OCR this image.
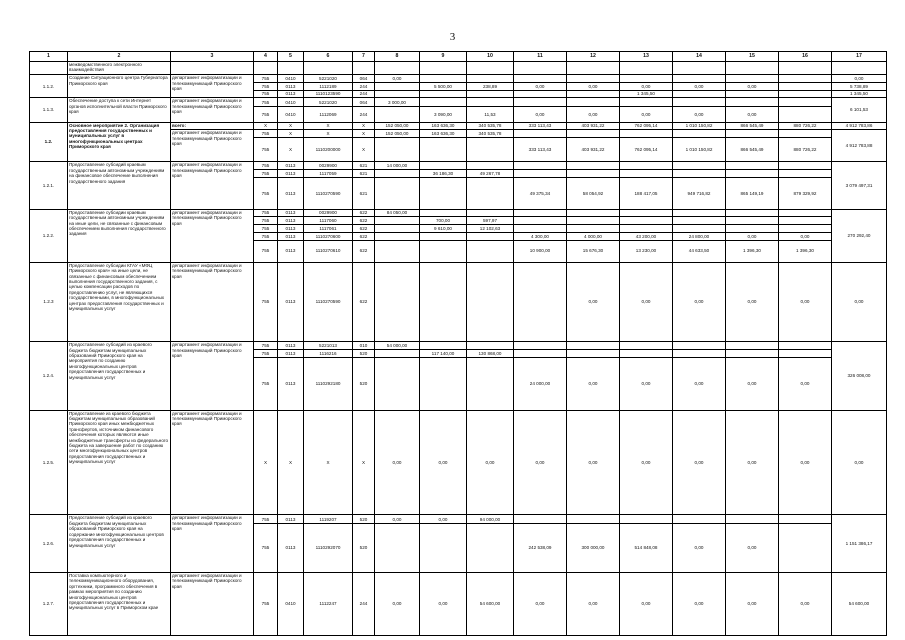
3
1	2	3	4	5	6	7	8	9	10	11	12	13	14	15	16	17
	межведомственного электронного взаимодействия															
1.1.2.	Создание Ситуационного центра Губернатора Приморского края	департамент информатизации и телекоммуникаций Приморского края	755	0410	5221020	064	0,00									0,00
			755	0113	1112189	244		5 500,00	238,89	0,00	0,00	0,00	0,00	0,00		5 738,89
			755	0113	1110123590	244						1 345,50				1 345,50
1.1.3.	Обеспечение доступа к сети Интернет органов исполнительной власти Приморского края	департамент информатизации и телекоммуникаций Приморского края	755	0410	5221020	064	3 000,00									6 101,53
			755	0410	1112069	244		3 090,00	11,53	0,00	0,00	0,00	0,00	0,00		
1.2.	Основное мероприятие 2. Организация предоставления государственных и муниципальных услуг в многофункциональных центрах Приморского края	всего:	X	X	X	X	152 050,00	163 636,30	340 535,78	333 113,43	403 931,22	762 095,14	1 010 150,82	866 545,49	880 726,22	4 912 783,86
		департамент информатизации и телекоммуникаций Приморского края	755	X	X	X	152 050,00	163 636,30	340 535,78							4 912 783,88
			755	X	1110200000	X				333 113,43	403 931,22	762 095,14	1 010 150,82	866 545,49	880 726,22	
1.2.1.	Предоставление субсидий краевым государственным автономным учреждениям на финансовое обеспечение выполнения государственного задания	департамент информатизации и телекоммуникаций Приморского края	755	0113	0029900	621	14 000,00									3 079 497,31
			755	0113	1117059	621		36 186,30	49 267,78							
			755	0113	1110270590	621				49 375,34	58 054,92	188 417,05	949 716,82	865 149,19	879 329,92	
1.2.2.	Предоставление субсидии краевым государственным автономным учреждениям на иные цели, не связанные с финансовым обеспечением выполнения государственного задания	департамент информатизации и телекоммуникаций Приморского края	755	0113	0029900	622	84 050,00									270 292,40
			755	0113	1117060	622		700,00	597,97							
			755	0113	1117061	622		9 610,00	12 102,63							
			755	0113	1110270600	622				4 300,00	4 000,00	43 200,00	24 800,00	0,00	0,00	
			755	0113	1110270610	622				10 900,00	15 676,30	13 230,00	44 633,50	1 396,30	1 396,30	
1.2.3	Предоставление субсидии КГАУ «МФЦ Приморского края» на иные цели, не связанные с финансовым обеспечением выполнения государственного задания, с целью компенсации расходов по предоставлению услуг, не являющихся государственными, в многофункциональных центрах предоставления государственных и муниципальных услуг	департамент информатизации и телекоммуникаций Приморского края	755	0113	1110270590	622					0,00	0,00	0,00	0,00	0,00	0,00
1.2.4.	Предоставление субсидий из краевого бюджета бюджетам муниципальных образований Приморского края на мероприятия по созданию многофункциональных центров предоставления государственных и муниципальных услуг	департамент информатизации и телекоммуникаций Приморского края	755	0113	5221013	010	54 000,00									326 008,00
			755	0113	1116216	520		117 140,00	130 868,00							
			755	0113	1110292180	520				24 000,00	0,00	0,00	0,00	0,00	0,00	
1.2.5.	Предоставление из краевого бюджета бюджетам муниципальных образований Приморского края иных межбюджетных трансфертов, источником финансового обеспечения которых являются иные межбюджетные трансферты из федерального бюджета на завершение работ по созданию сети многофункциональных центров предоставления государственных и муниципальных услуг	департамент информатизации и телекоммуникаций Приморского края	X	X	X	X	0,00	0,00	0,00	0,00	0,00	0,00	0,00	0,00	0,00	0,00
1.2.6.	Предоставление субсидий из краевого бюджета бюджетам муниципальных образований Приморского края на содержание многофункциональных центров предоставления государственных и муниципальных услуг	департамент информатизации и телекоммуникаций Приморского края	755	0113	1119207	520	0,00	0,00	94 000,00							1 151 386,17
			755	0113	1110292070	520				242 538,09	300 000,00	514 848,08	0,00	0,00		
1.2.7.	Поставка компьютерного и телекоммуникационного оборудования, оргтехники, программного обеспечения в рамках мероприятия по созданию многофункциональных центров предоставления государственных и муниципальных услуг в Приморском крае	департамент информатизации и телекоммуникаций Приморского края	755	0410	1112247	244	0,00	0,00	54 600,00	0,00	0,00	0,00	0,00	0,00	0,00	54 600,00
